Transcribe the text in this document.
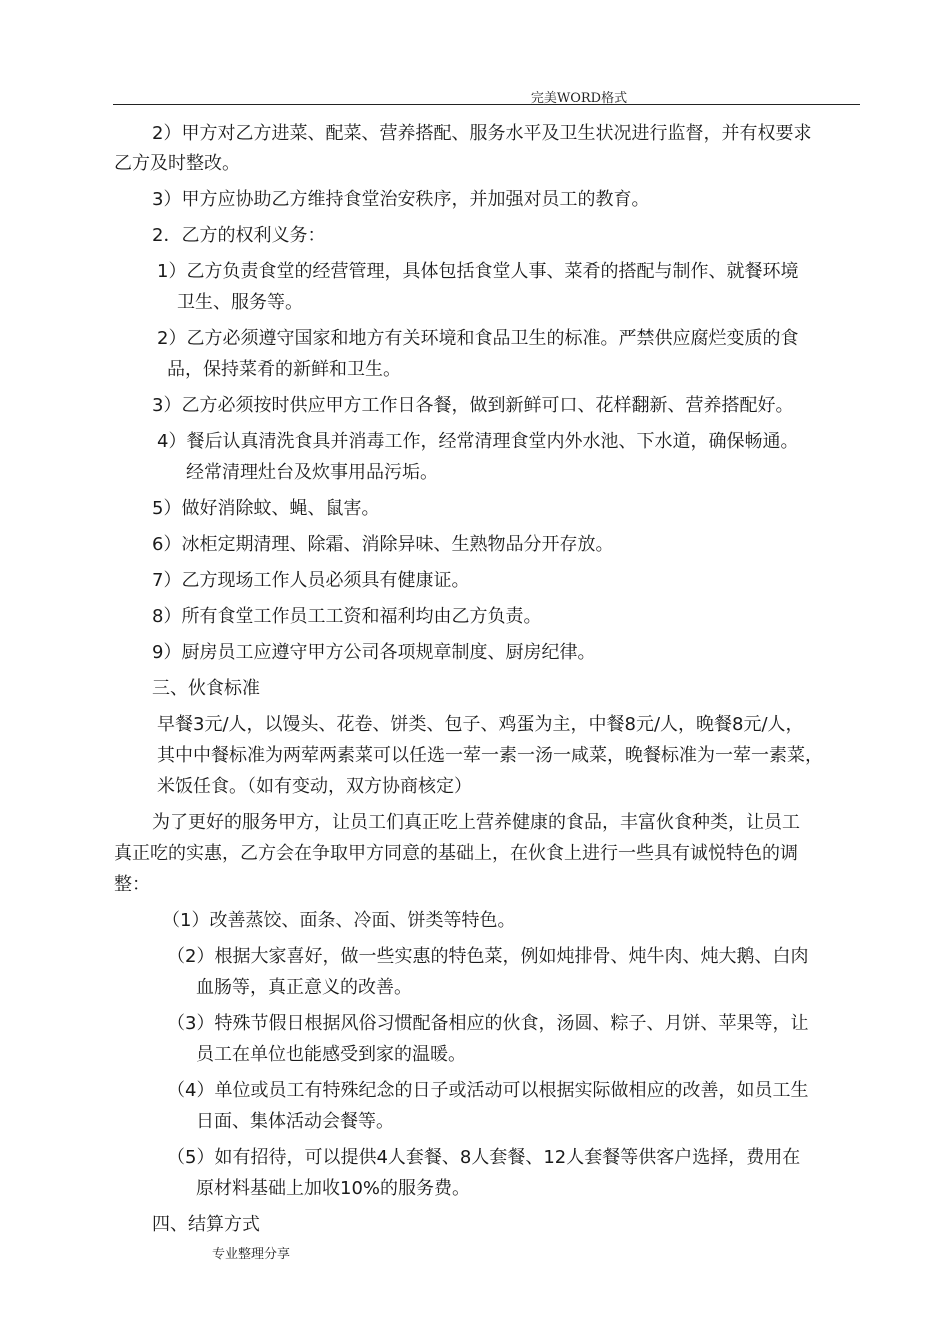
完美WORD格式
2）甲方对乙方进菜、配菜、营养搭配、服务水平及卫生状况进行监督，并有权要求
乙方及时整改。
3）甲方应协助乙方维持食堂治安秩序，并加强对员工的教育。
2．乙方的权利义务：
1）乙方负责食堂的经营管理，具体包括食堂人事、菜肴的搭配与制作、就餐环境
卫生、服务等。
2）乙方必须遵守国家和地方有关环境和食品卫生的标准。严禁供应腐烂变质的食
品，保持菜肴的新鲜和卫生。
3）乙方必须按时供应甲方工作日各餐，做到新鲜可口、花样翻新、营养搭配好。
4）餐后认真清洗食具并消毒工作，经常清理食堂内外水池、下水道，确保畅通。
经常清理灶台及炊事用品污垢。
5）做好消除蚊、蝇、鼠害。
6）冰柜定期清理、除霜、消除异味、生熟物品分开存放。
7）乙方现场工作人员必须具有健康证。
8）所有食堂工作员工工资和福利均由乙方负责。
9）厨房员工应遵守甲方公司各项规章制度、厨房纪律。
三、伙食标准
早餐3元/人，以馒头、花卷、饼类、包子、鸡蛋为主，中餐8元/人，晚餐8元/人，
其中中餐标准为两荤两素菜可以任选一荤一素一汤一咸菜，晚餐标准为一荤一素菜，
米饭任食。（如有变动，双方协商核定）
为了更好的服务甲方，让员工们真正吃上营养健康的食品，丰富伙食种类，让员工
真正吃的实惠，乙方会在争取甲方同意的基础上，在伙食上进行一些具有诚悦特色的调
整：
（1）改善蒸饺、面条、冷面、饼类等特色。
（2）根据大家喜好，做一些实惠的特色菜，例如炖排骨、炖牛肉、炖大鹅、白肉
血肠等，真正意义的改善。
（3）特殊节假日根据风俗习惯配备相应的伙食，汤圆、粽子、月饼、苹果等，让
员工在单位也能感受到家的温暖。
（4）单位或员工有特殊纪念的日子或活动可以根据实际做相应的改善，如员工生
日面、集体活动会餐等。
（5）如有招待，可以提供4人套餐、8人套餐、12人套餐等供客户选择，费用在
原材料基础上加收10%的服务费。
四、结算方式
专业整理分享
